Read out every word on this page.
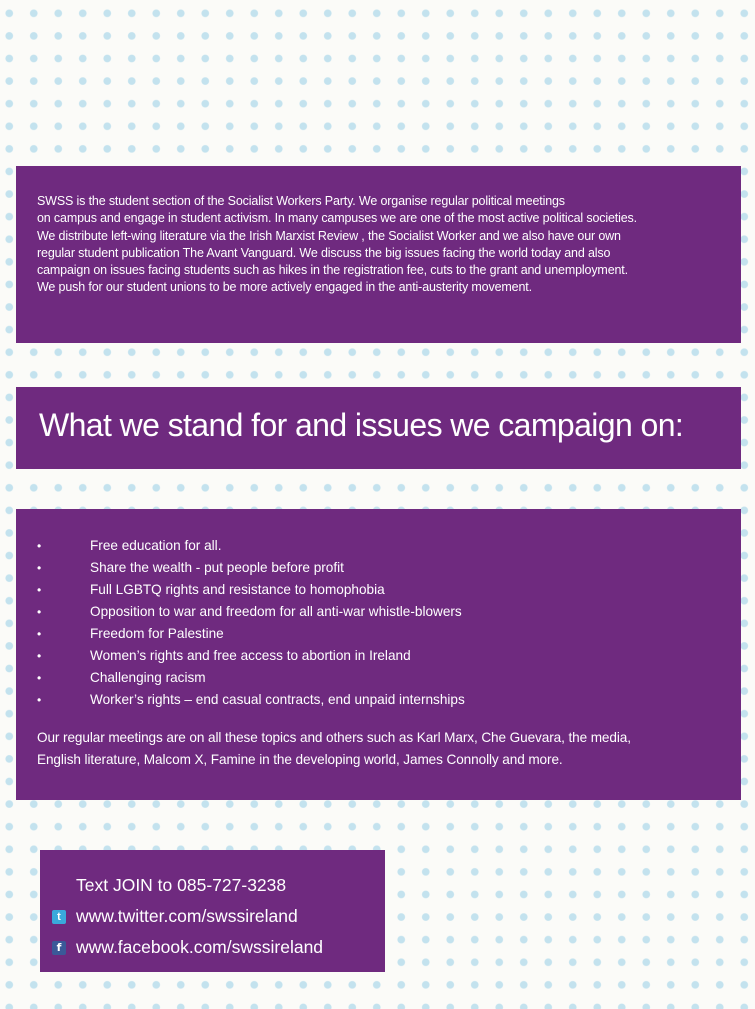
SWSS is the student section of the Socialist Workers Party. We organise regular political meetings
on campus and engage in student activism. In many campuses we are one of the most active political societies.
We distribute left-wing literature via the Irish Marxist Review , the Socialist Worker and we also have our own
regular student publication The Avant Vanguard. We discuss the big issues facing the world today and also
campaign on issues facing students such as hikes in the registration fee, cuts to the grant and unemployment.
We push for our student unions to be more actively engaged in the anti-austerity movement.

What we stand for and issues we campaign on:
•	Free education for all.
•	Share the wealth - put people before profit
•	Full LGBTQ rights and resistance to homophobia
•	Opposition to war and freedom for all anti-war whistle-blowers
•	Freedom for Palestine
•	Women’s rights and free access to abortion in Ireland
•	Challenging racism
•	Worker’s rights – end casual contracts, end unpaid internships

Our regular meetings are on all these topics and others such as Karl Marx, Che Guevara, the media,
English literature, Malcom X, Famine in the developing world, James Connolly and more.

Text JOIN to 085-727-3238
t www.twitter.com/swssireland
f www.facebook.com/swssireland
